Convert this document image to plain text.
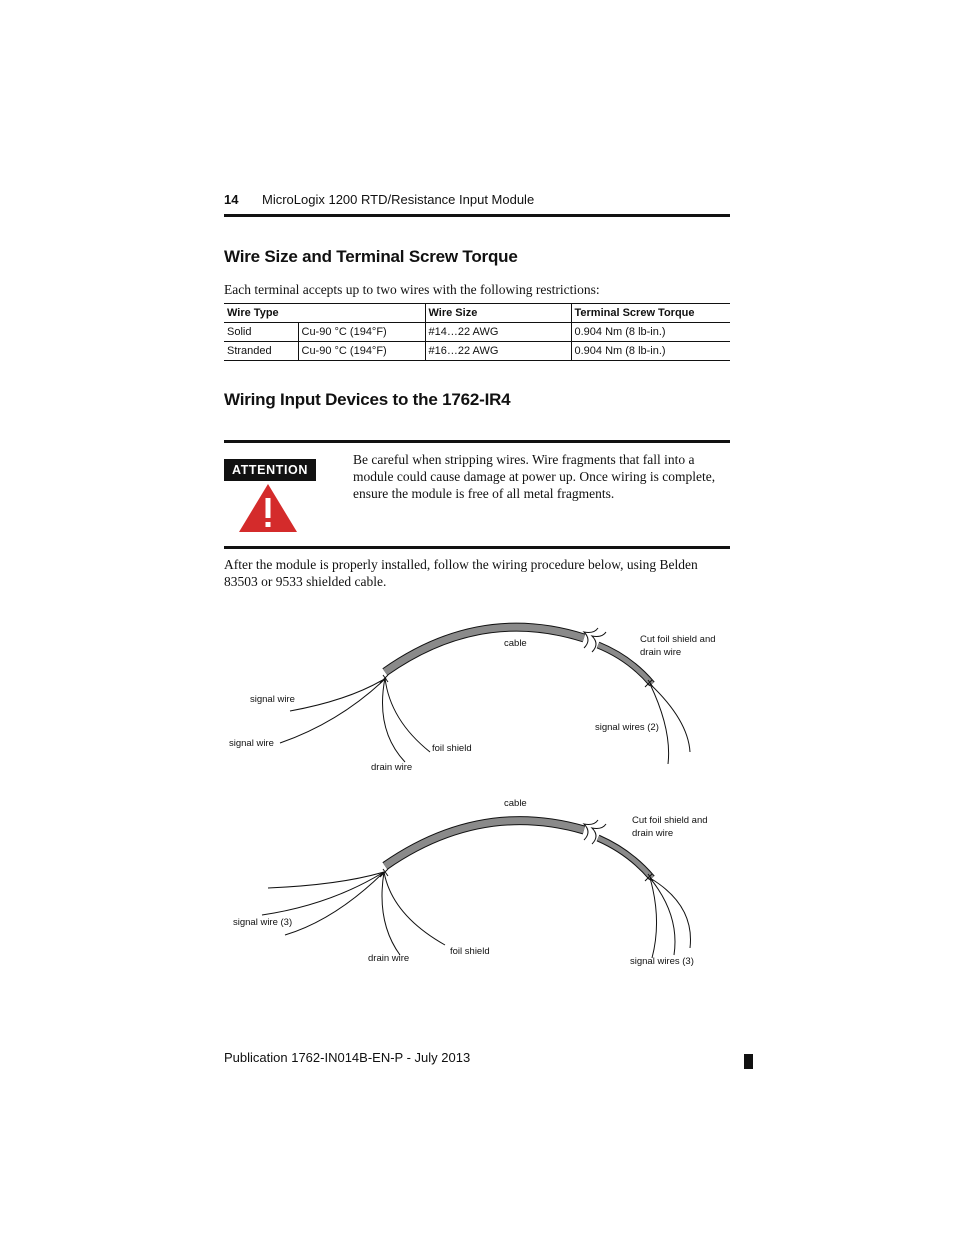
14 MicroLogix 1200 RTD/Resistance Input Module
Wire Size and Terminal Screw Torque
Each terminal accepts up to two wires with the following restrictions:
Wire Type		Wire Size	Terminal Screw Torque
Solid	Cu-90 °C (194°F)	#14…22 AWG	0.904 Nm (8 lb-in.)
Stranded	Cu-90 °C (194°F)	#16…22 AWG	0.904 Nm (8 lb-in.)
Wiring Input Devices to the 1762-IR4
ATTENTION
Be careful when stripping wires. Wire fragments that fall into a module could cause damage at power up. Once wiring is complete, ensure the module is free of all metal fragments.
After the module is properly installed, follow the wiring procedure below, using Belden 83503 or 9533 shielded cable.
cable	Cut foil shield and
drain wire
signal wire
signal wire
signal wires (2)
foil shield
drain wire
cable
Cut foil shield and
drain wire
signal wire (3)
signal wires (3)
foil shield
drain wire
Publication 1762-IN014B-EN-P - July 2013
